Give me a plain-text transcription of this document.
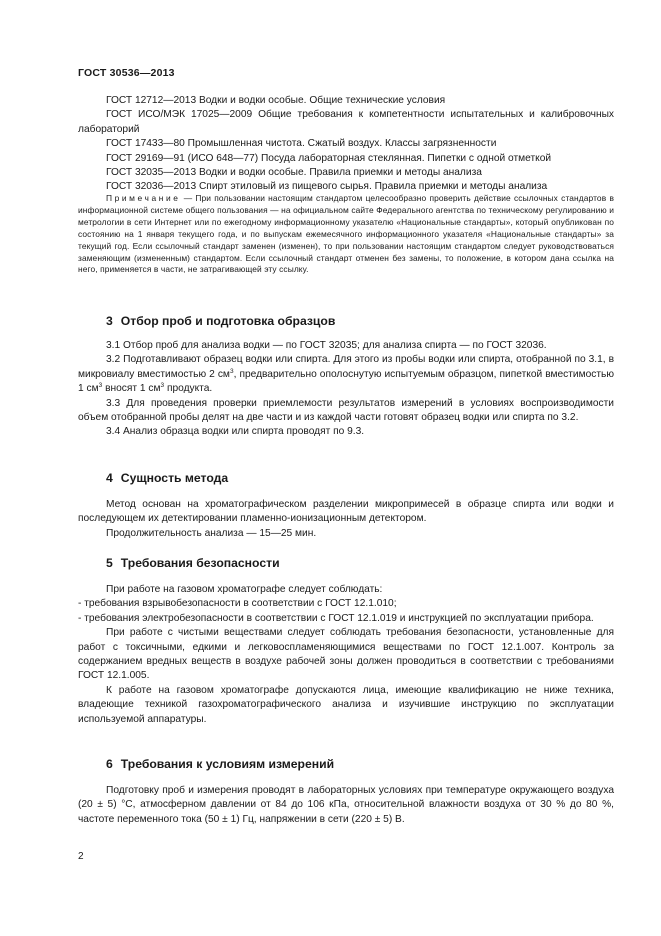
ГОСТ 30536—2013

ГОСТ 12712—2013 Водки и водки особые. Общие технические условия

ГОСТ ИСО/МЭК 17025—2009 Общие требования к компетентности испытательных и калибровочных лабораторий

ГОСТ 17433—80 Промышленная чистота. Сжатый воздух. Классы загрязненности

ГОСТ 29169—91 (ИСО 648—77) Посуда лабораторная стеклянная. Пипетки с одной отметкой

ГОСТ 32035—2013 Водки и водки особые. Правила приемки и методы анализа

ГОСТ 32036—2013 Спирт этиловый из пищевого сырья. Правила приемки и методы анализа

Примечание — При пользовании настоящим стандартом целесообразно проверить действие ссылочных стандартов в информационной системе общего пользования — на официальном сайте Федерального агентства по техническому регулированию и метрологии в сети Интернет или по ежегодному информационному указателю «Национальные стандарты», который опубликован по состоянию на 1 января текущего года, и по выпускам ежемесячного информационного указателя «Национальные стандарты» за текущий год. Если ссылочный стандарт заменен (изменен), то при пользовании настоящим стандартом следует руководствоваться заменяющим (измененным) стандартом. Если ссылочный стандарт отменен без замены, то положение, в котором дана ссылка на него, применяется в части, не затрагивающей эту ссылку.
3 Отбор проб и подготовка образцов

3.1 Отбор проб для анализа водки — по ГОСТ 32035; для анализа спирта — по ГОСТ 32036.

3.2 Подготавливают образец водки или спирта. Для этого из пробы водки или спирта, отобранной по 3.1, в микровиалу вместимостью 2 $см^3$, предварительно ополоснутую испытуемым образцом, пипеткой вместимостью 1 $см^3$ вносят 1 $см^3$ продукта.

3.3 Для проведения проверки приемлемости результатов измерений в условиях воспроизводимости объем отобранной пробы делят на две части и из каждой части готовят образец водки или спирта по 3.2.

3.4 Анализ образца водки или спирта проводят по 9.3.

4 Сущность метода

Метод основан на хроматографическом разделении микропримесей в образце спирта или водки и последующем их детектировании пламенно-ионизационным детектором.

Продолжительность анализа — 15—25 мин.

5 Требования безопасности

При работе на газовом хроматографе следует соблюдать:

- требования взрывобезопасности в соответствии с ГОСТ 12.1.010;

- требования электробезопасности в соответствии с ГОСТ 12.1.019 и инструкцией по эксплуатации прибора.

При работе с чистыми веществами следует соблюдать требования безопасности, установленные для работ с токсичными, едкими и легковоспламеняющимися веществами по ГОСТ 12.1.007. Контроль за содержанием вредных веществ в воздухе рабочей зоны должен проводиться в соответствии с требованиями ГОСТ 12.1.005.

К работе на газовом хроматографе допускаются лица, имеющие квалификацию не ниже техника, владеющие техникой газохроматографического анализа и изучившие инструкцию по эксплуатации используемой аппаратуры.

6 Требования к условиям измерений

Подготовку проб и измерения проводят в лабораторных условиях при температуре окружающего воздуха (20 ± 5) °С, атмосферном давлении от 84 до 106 кПа, относительной влажности воздуха от 30 % до 80 %, частоте переменного тока (50 ± 1) Гц, напряжении в сети (220 ± 5) В.

2
